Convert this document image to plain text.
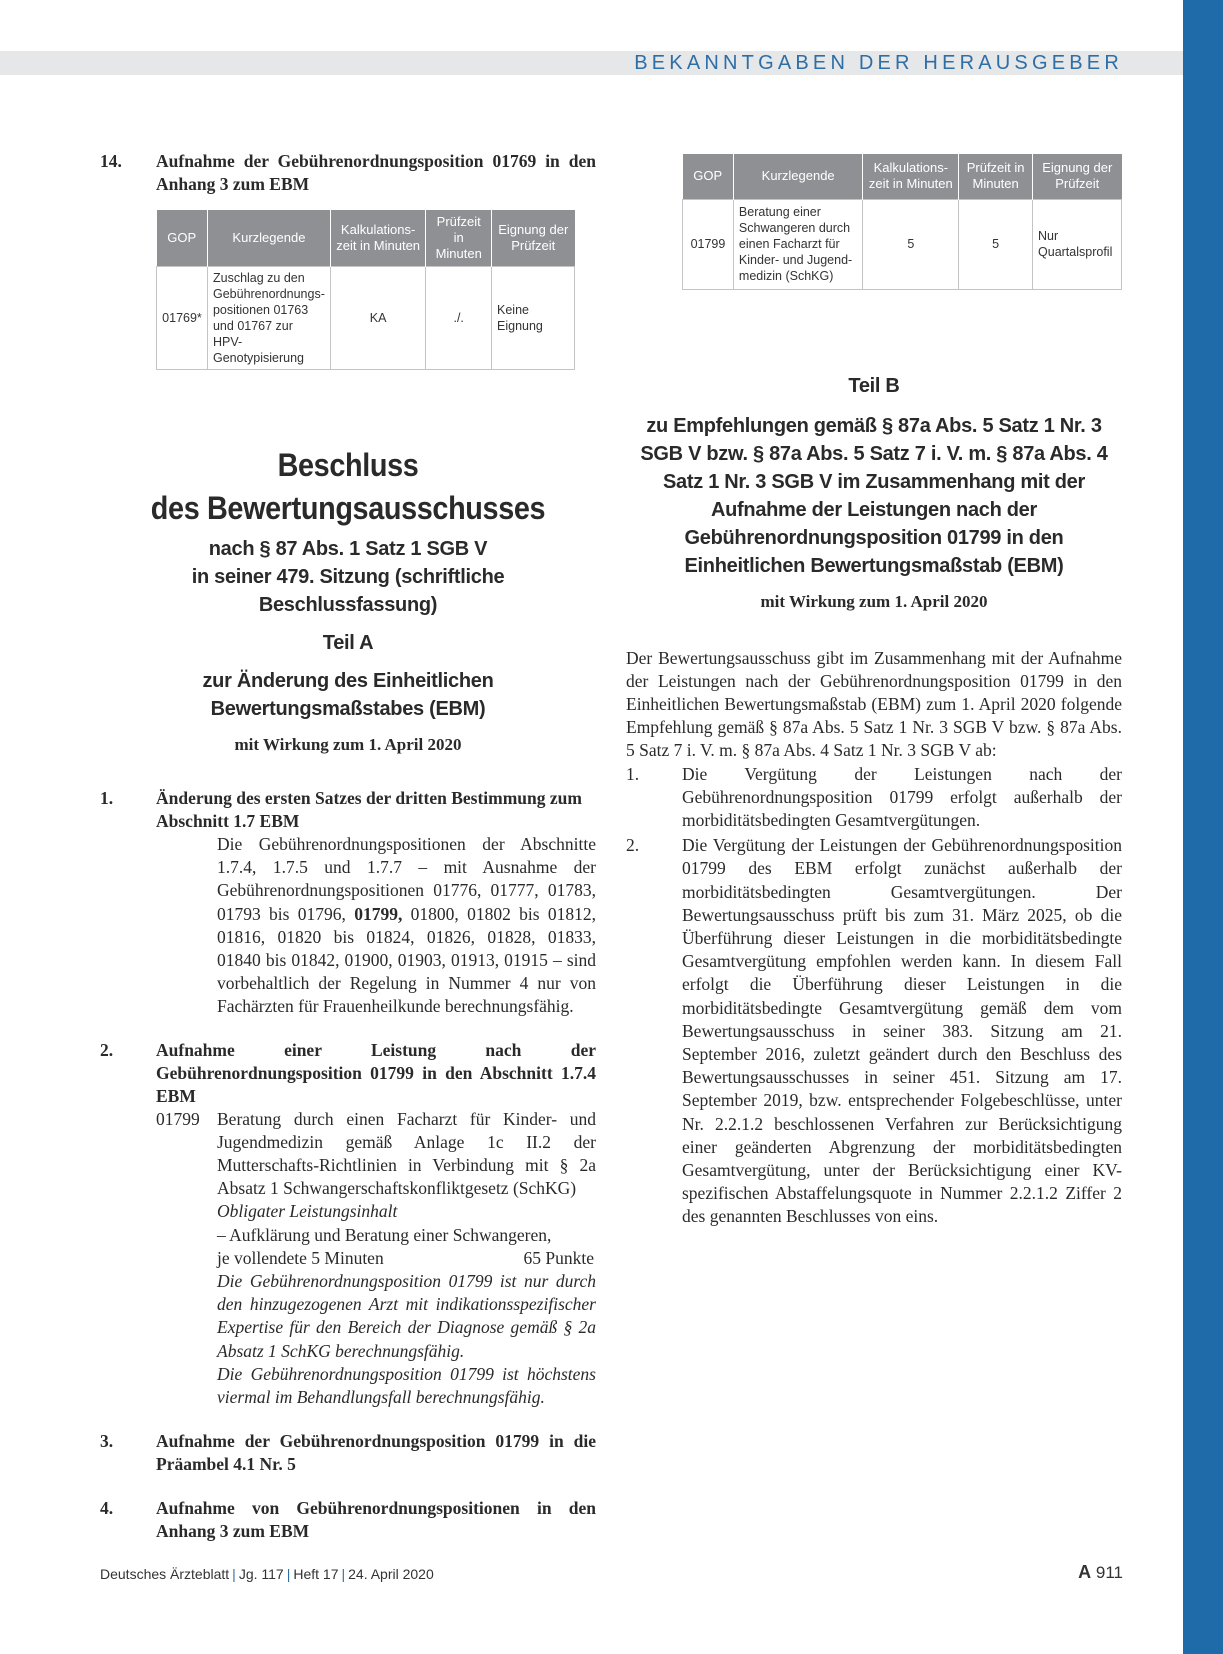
BEKANNTGABEN DER HERAUSGEBER
14.	Aufnahme der Gebührenordnungsposition 01769 in den Anhang 3 zum EBM
GOP	Kurzlegende	Kalkulations-zeit in Minuten	Prüfzeit in Minuten	Eignung der Prüfzeit
01769*	Zuschlag zu den Gebührenordnungs-positionen 01763 und 01767 zur HPV-Genotypisierung	KA	./.	Keine Eignung
Beschluss
des Bewertungsausschusses
nach § 87 Abs. 1 Satz 1 SGB V
in seiner 479. Sitzung (schriftliche Beschlussfassung)
Teil A
zur Änderung des Einheitlichen Bewertungsmaßstabes (EBM)
mit Wirkung zum 1. April 2020
1.	Änderung des ersten Satzes der dritten Bestimmung zum Abschnitt 1.7 EBM
Die Gebührenordnungspositionen der Abschnitte 1.7.4, 1.7.5 und 1.7.7 – mit Ausnahme der Gebührenordnungspositionen 01776, 01777, 01783, 01793 bis 01796, 01799, 01800, 01802 bis 01812, 01816, 01820 bis 01824, 01826, 01828, 01833, 01840 bis 01842, 01900, 01903, 01913, 01915 – sind vorbehaltlich der Regelung in Nummer 4 nur von Fachärzten für Frauenheilkunde berechnungsfähig.
2.	Aufnahme einer Leistung nach der Gebührenordnungsposition 01799 in den Abschnitt 1.7.4 EBM
01799 Beratung durch einen Facharzt für Kinder- und Jugendmedizin gemäß Anlage 1c II.2 der Mutterschafts-Richtlinien in Verbindung mit § 2a Absatz 1 Schwangerschaftskonfliktgesetz (SchKG)
Obligater Leistungsinhalt
– Aufklärung und Beratung einer Schwangeren,
je vollendete 5 Minuten	65 Punkte
Die Gebührenordnungsposition 01799 ist nur durch den hinzugezogenen Arzt mit indikationsspezifischer Expertise für den Bereich der Diagnose gemäß § 2a Absatz 1 SchKG berechnungsfähig.
Die Gebührenordnungsposition 01799 ist höchstens viermal im Behandlungsfall berechnungsfähig.
3.	Aufnahme der Gebührenordnungsposition 01799 in die Präambel 4.1 Nr. 5
4.	Aufnahme von Gebührenordnungspositionen in den Anhang 3 zum EBM
GOP	Kurzlegende	Kalkulations-zeit in Minuten	Prüfzeit in Minuten	Eignung der Prüfzeit
01799	Beratung einer Schwangeren durch einen Facharzt für Kinder- und Jugend-medizin (SchKG)	5	5	Nur Quartalsprofil
Teil B
zu Empfehlungen gemäß § 87a Abs. 5 Satz 1 Nr. 3 SGB V bzw. § 87a Abs. 5 Satz 7 i. V. m. § 87a Abs. 4 Satz 1 Nr. 3 SGB V im Zusammenhang mit der Aufnahme der Leistungen nach der Gebührenordnungsposition 01799 in den Einheitlichen Bewertungsmaßstab (EBM)
mit Wirkung zum 1. April 2020
Der Bewertungsausschuss gibt im Zusammenhang mit der Aufnahme der Leistungen nach der Gebührenordnungsposition 01799 in den Einheitlichen Bewertungsmaßstab (EBM) zum 1. April 2020 folgende Empfehlung gemäß § 87a Abs. 5 Satz 1 Nr. 3 SGB V bzw. § 87a Abs. 5 Satz 7 i. V. m. § 87a Abs. 4 Satz 1 Nr. 3 SGB V ab:
1.	Die Vergütung der Leistungen nach der Gebührenordnungsposition 01799 erfolgt außerhalb der morbiditätsbedingten Gesamtvergütungen.
2.	Die Vergütung der Leistungen der Gebührenordnungsposition 01799 des EBM erfolgt zunächst außerhalb der morbiditätsbedingten Gesamtvergütungen. Der Bewertungsausschuss prüft bis zum 31. März 2025, ob die Überführung dieser Leistungen in die morbiditätsbedingte Gesamtvergütung empfohlen werden kann. In diesem Fall erfolgt die Überführung dieser Leistungen in die morbiditätsbedingte Gesamtvergütung gemäß dem vom Bewertungsausschuss in seiner 383. Sitzung am 21. September 2016, zuletzt geändert durch den Beschluss des Bewertungsausschusses in seiner 451. Sitzung am 17. September 2019, bzw. entsprechender Folgebeschlüsse, unter Nr. 2.2.1.2 beschlossenen Verfahren zur Berücksichtigung einer geänderten Abgrenzung der morbiditätsbedingten Gesamtvergütung, unter der Berücksichtigung einer KV-spezifischen Abstaffelungsquote in Nummer 2.2.1.2 Ziffer 2 des genannten Beschlusses von eins.
Deutsches Ärzteblatt | Jg. 117 | Heft 17 | 24. April 2020	A 911
